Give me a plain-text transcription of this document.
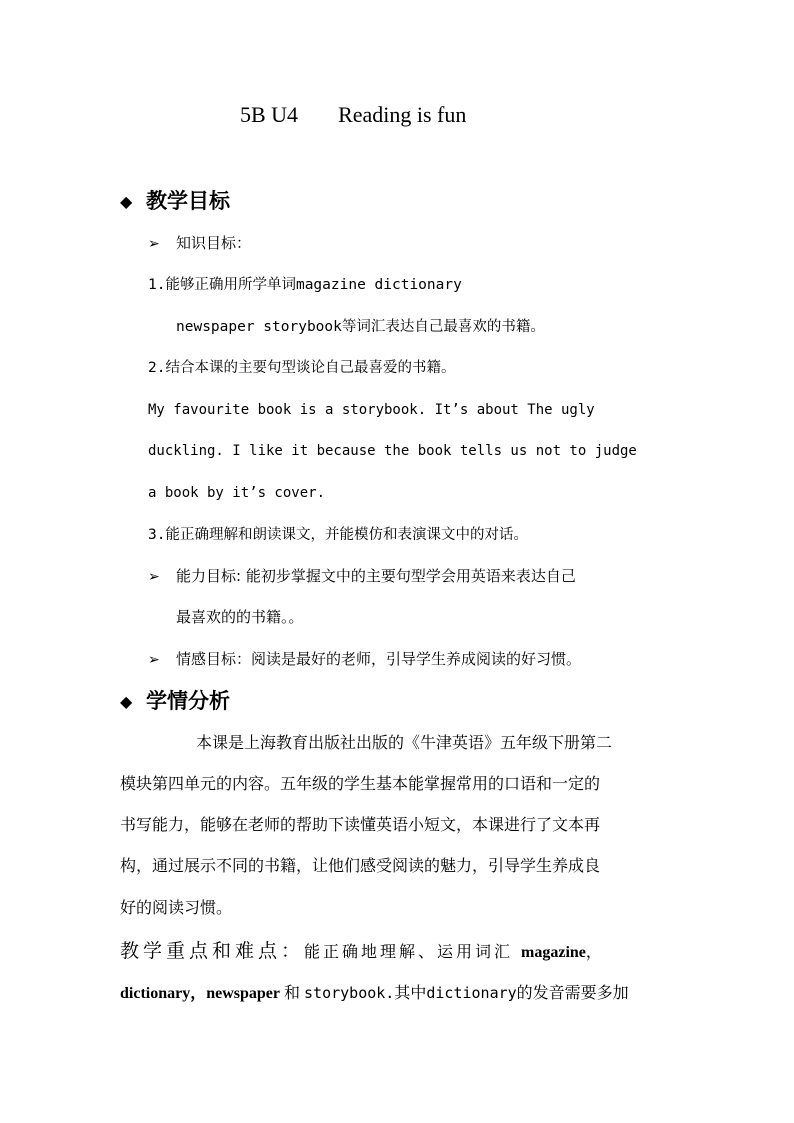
5B U4 Reading is fun
◆ 教学目标
➢ 知识目标：
1.能够正确用所学单词magazine dictionary
newspaper storybook等词汇表达自己最喜欢的书籍。
2.结合本课的主要句型谈论自己最喜爱的书籍。
My favourite book is a storybook. It’s about The ugly
duckling. I like it because the book tells us not to judge
a book by it’s cover.
3.能正确理解和朗读课文，并能模仿和表演课文中的对话。
➢ 能力目标: 能初步掌握文中的主要句型学会用英语来表达自己
最喜欢的的书籍。。
➢ 情感目标：阅读是最好的老师，引导学生养成阅读的好习惯。
◆ 学情分析
本课是上海教育出版社出版的《牛津英语》五年级下册第二
模块第四单元的内容。五年级的学生基本能掌握常用的口语和一定的
书写能力，能够在老师的帮助下读懂英语小短文，本课进行了文本再
构，通过展示不同的书籍，让他们感受阅读的魅力，引导学生养成良
好的阅读习惯。
教学重点和难点：能正确地理解、运用词汇 magazine，
dictionary，newspaper 和 storybook.其中dictionary的发音需要多加
